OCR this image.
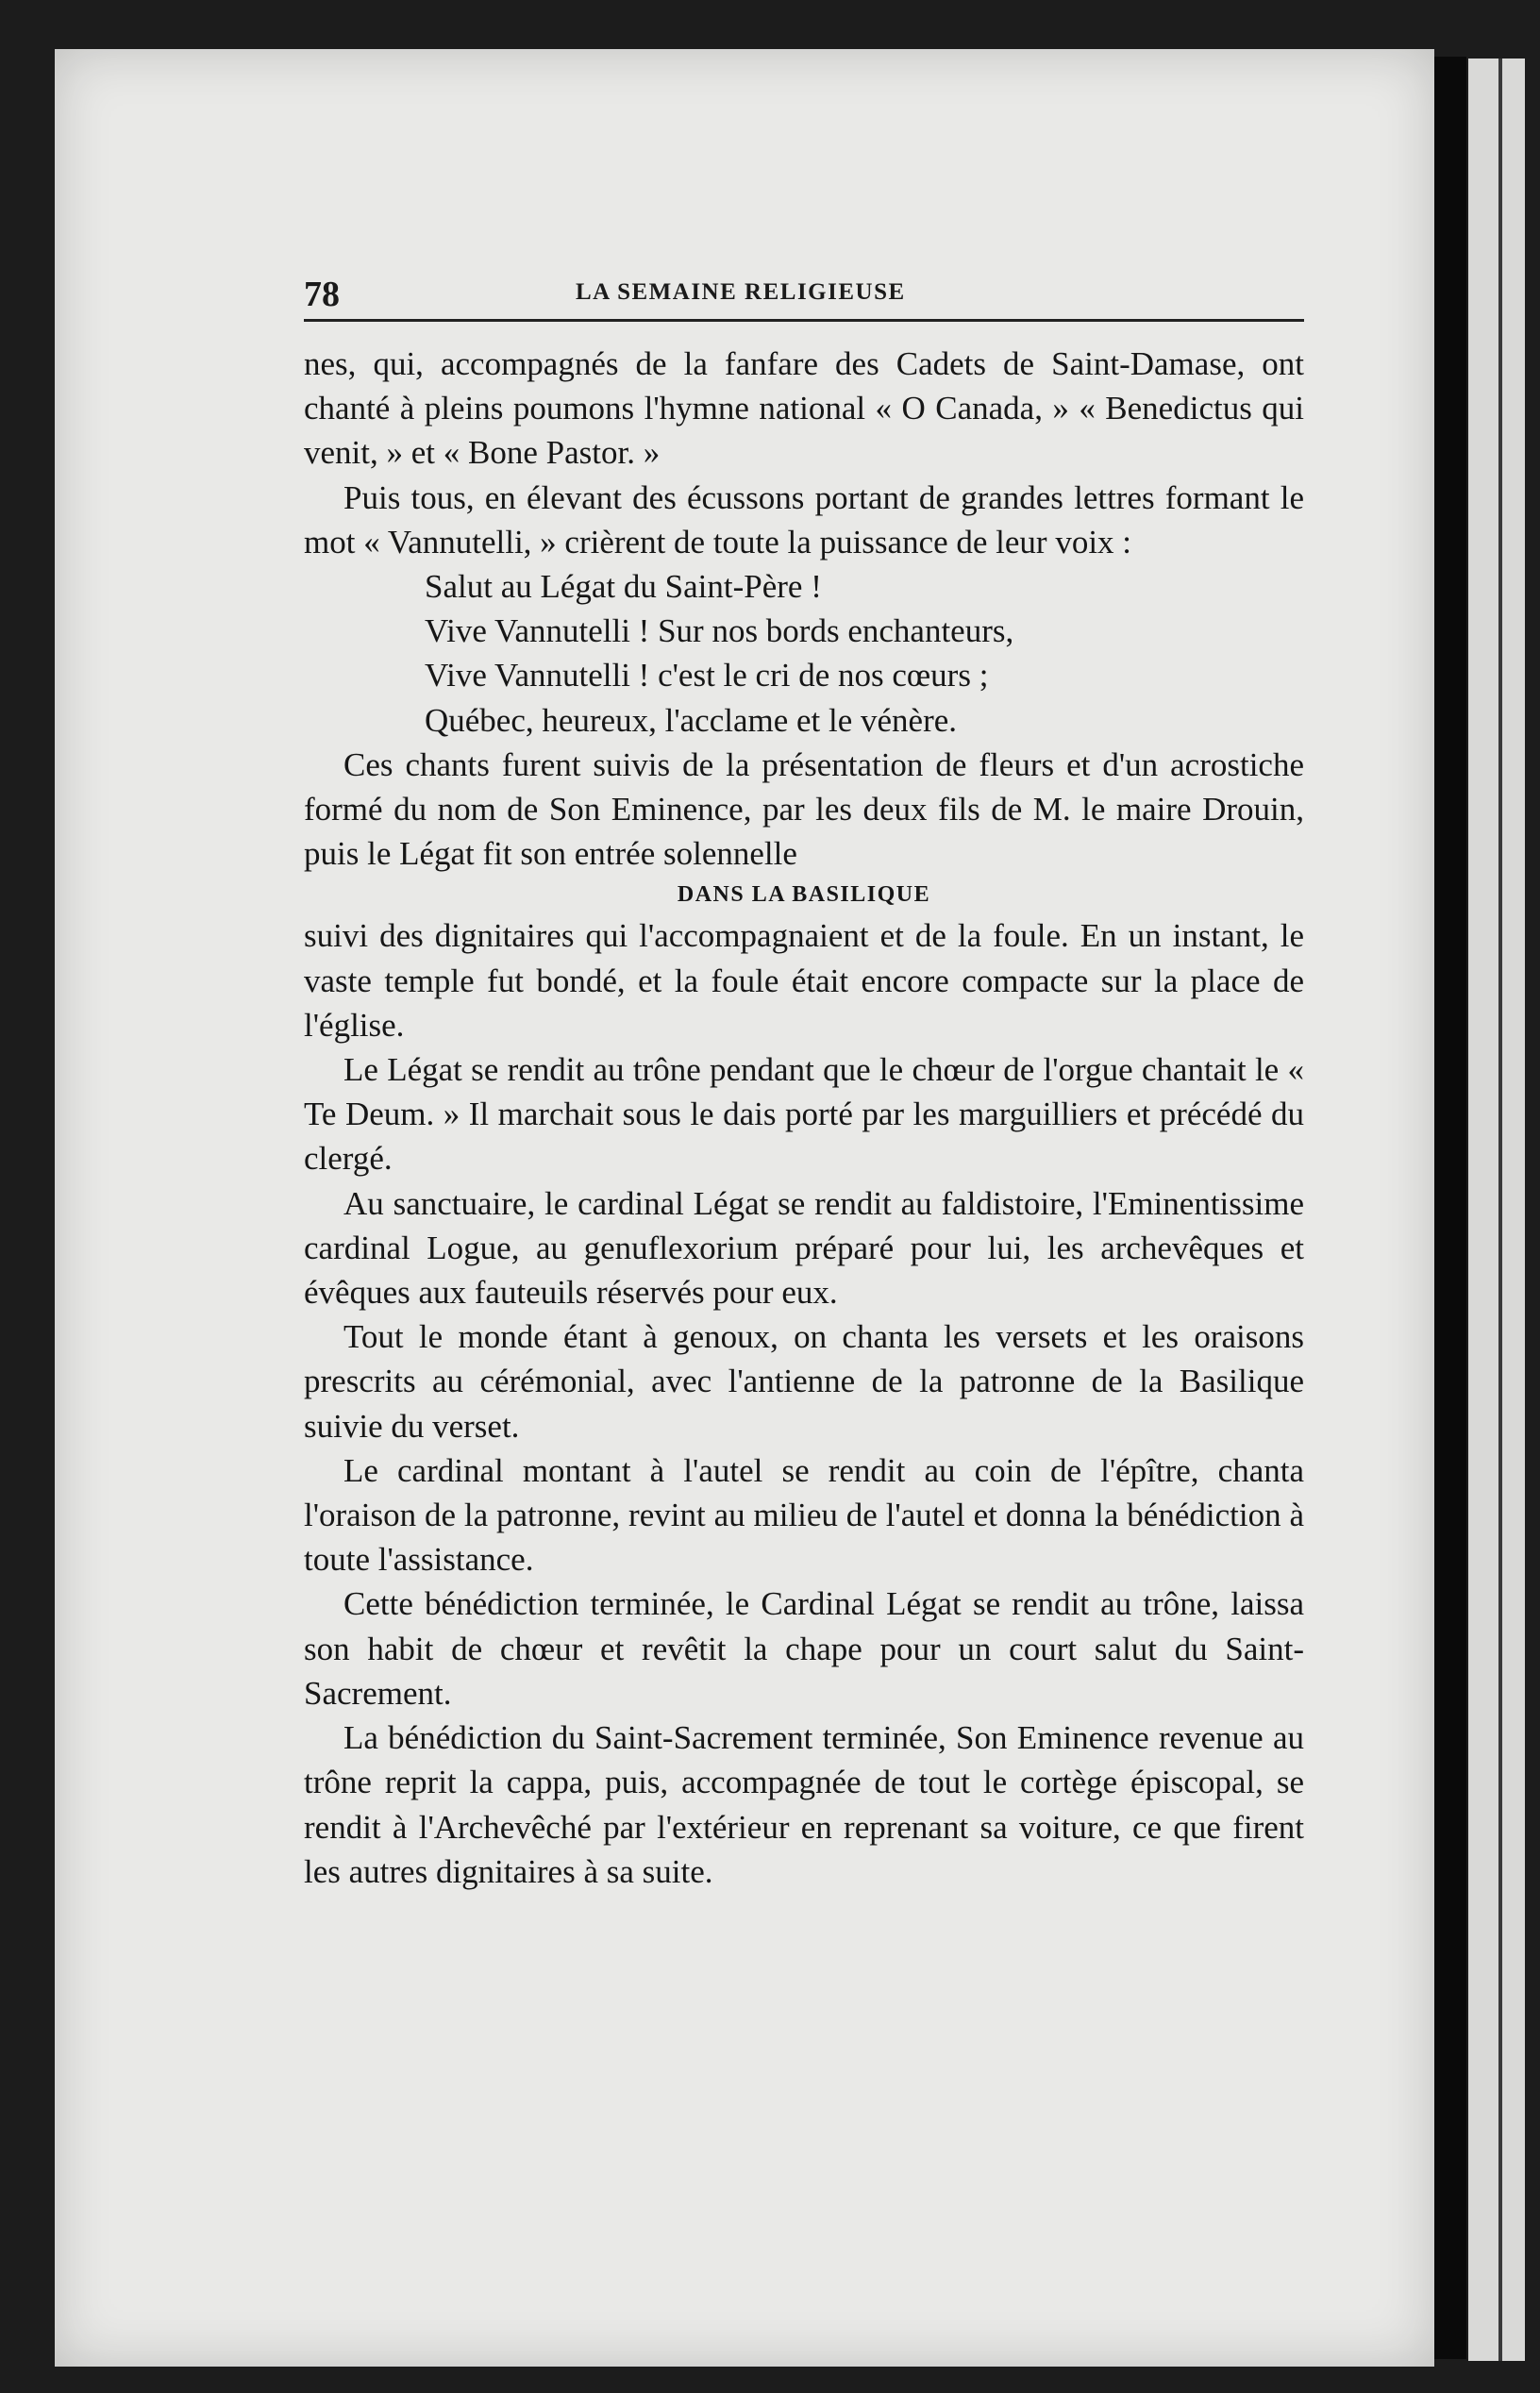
78	LA SEMAINE RELIGIEUSE

nes, qui, accompagnés de la fanfare des Cadets de Saint-Damase, ont chanté à pleins poumons l'hymne national « O Canada, » « Benedictus qui venit, » et « Bone Pastor. »

Puis tous, en élevant des écussons portant de grandes lettres formant le mot « Vannutelli, » crièrent de toute la puissance de leur voix :

Salut au Légat du Saint-Père !

Vive Vannutelli ! Sur nos bords enchanteurs,

Vive Vannutelli ! c'est le cri de nos cœurs ;

Québec, heureux, l'acclame et le vénère.

Ces chants furent suivis de la présentation de fleurs et d'un acrostiche formé du nom de Son Eminence, par les deux fils de M. le maire Drouin, puis le Légat fit son entrée solennelle

DANS LA BASILIQUE

suivi des dignitaires qui l'accompagnaient et de la foule. En un instant, le vaste temple fut bondé, et la foule était encore compacte sur la place de l'église.

Le Légat se rendit au trône pendant que le chœur de l'orgue chantait le « Te Deum. » Il marchait sous le dais porté par les marguilliers et précédé du clergé.

Au sanctuaire, le cardinal Légat se rendit au faldistoire, l'Eminentissime cardinal Logue, au genuflexorium préparé pour lui, les archevêques et évêques aux fauteuils réservés pour eux.

Tout le monde étant à genoux, on chanta les versets et les oraisons prescrits au cérémonial, avec l'antienne de la patronne de la Basilique suivie du verset.

Le cardinal montant à l'autel se rendit au coin de l'épître, chanta l'oraison de la patronne, revint au milieu de l'autel et donna la bénédiction à toute l'assistance.

Cette bénédiction terminée, le Cardinal Légat se rendit au trône, laissa son habit de chœur et revêtit la chape pour un court salut du Saint-Sacrement.

La bénédiction du Saint-Sacrement terminée, Son Eminence revenue au trône reprit la cappa, puis, accompagnée de tout le cortège épiscopal, se rendit à l'Archevêché par l'extérieur en reprenant sa voiture, ce que firent les autres dignitaires à sa suite.
